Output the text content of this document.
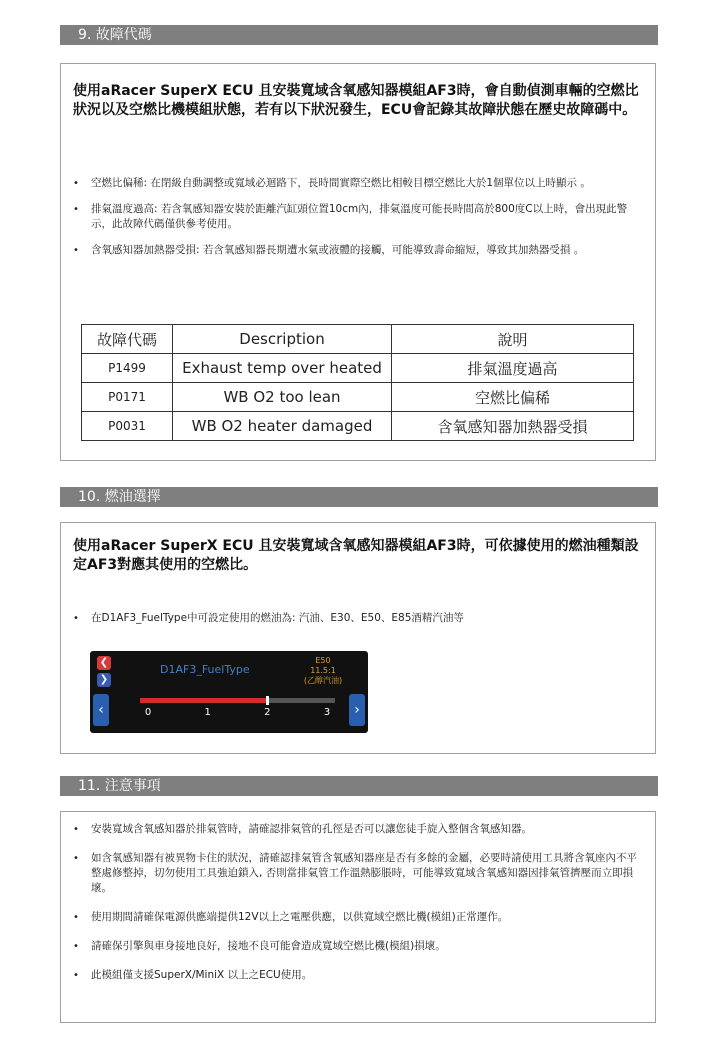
9. 故障代碼
使用aRacer SuperX ECU 且安裝寬域含氧感知器模組AF3時，會自動偵測車輛的空燃比狀況以及空燃比機模組狀態，若有以下狀況發生，ECU會記錄其故障狀態在歷史故障碼中。
• 空燃比偏稀: 在閉級自動調整或寬域必迴路下，長時間實際空燃比相較目標空燃比大於1個單位以上時顯示 。
• 排氣溫度過高: 若含氧感知器安裝於距離汽缸頭位置10cm內，排氣溫度可能長時間高於800度C以上時，會出現此警示，此故障代碼僅供參考使用。
• 含氧感知器加熱器受損: 若含氧感知器長期遭水氣或液體的接觸，可能導致壽命縮短，導致其加熱器受損 。
故障代碼	Description	說明
P1499	Exhaust temp over heated	排氣溫度過高
P0171	WB O2 too lean	空燃比偏稀
P0031	WB O2 heater damaged	含氧感知器加熱器受損
10. 燃油選擇
使用aRacer SuperX ECU 且安裝寬域含氧感知器模組AF3時，可依據使用的燃油種類設定AF3對應其使用的空燃比。
• 在D1AF3_FuelType中可設定使用的燃油為: 汽油、E30、E50、E85酒精汽油等
❮
❯
‹	›
D1AF3_FuelType
E50
11.5:1
(乙醇汽油)
0	1	2	3
11. 注意事項
• 安裝寬域含氧感知器於排氣管時，請確認排氣管的孔徑是否可以讓您徒手旋入整個含氧感知器。
• 如含氧感知器有被異物卡住的狀況，請確認排氣管含氧感知器座是否有多餘的金屬，必要時請使用工具將含氧座內不平整處修整掉，切勿使用工具強迫鎖入, 否則當排氣管工作溫熱膨脹時，可能導致寬域含氧感知器因排氣管擠壓而立即損壞。
• 使用期間請確保電源供應端提供12V以上之電壓供應，以供寬域空燃比機(模組)正常運作。
• 請確保引擎與車身接地良好，接地不良可能會造成寬域空燃比機(模組)損壞。
• 此模組僅支援SuperX/MiniX 以上之ECU使用。
